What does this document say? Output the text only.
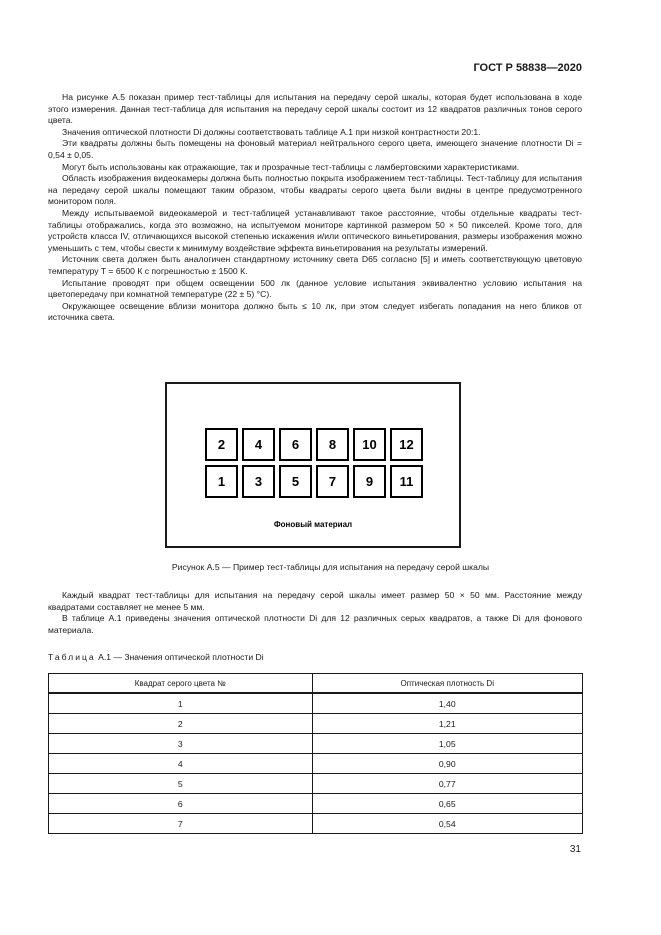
ГОСТ Р 58838—2020

На рисунке А.5 показан пример тест-таблицы для испытания на передачу серой шкалы, которая будет использована в ходе этого измерения. Данная тест-таблица для испытания на передачу серой шкалы состоит из 12 квадратов различных тонов серого цвета.

Значения оптической плотности Di должны соответствовать таблице А.1 при низкой контрастности 20:1.

Эти квадраты должны быть помещены на фоновый материал нейтрального серого цвета, имеющего значение плотности Di = 0,54 ± 0,05.

Могут быть использованы как отражающие, так и прозрачные тест-таблицы с ламбертовскими характеристиками.

Область изображения видеокамеры должна быть полностью покрыта изображением тест-таблицы. Тест-таблицу для испытания на передачу серой шкалы помещают таким образом, чтобы квадраты серого цвета были видны в центре предусмотренного монитором поля.

Между испытываемой видеокамерой и тест-таблицей устанавливают такое расстояние, чтобы отдельные квадраты тест-таблицы отображались, когда это возможно, на испытуемом мониторе картинкой размером 50 × 50 пикселей. Кроме того, для устройств класса IV, отличающихся высокой степенью искажения и/или оптического виньетирования, размеры изображения можно уменьшить с тем, чтобы свести к минимуму воздействие эффекта виньетирования на результаты измерений.

Источник света должен быть аналогичен стандартному источнику света D65 согласно [5] и иметь соответствующую цветовую температуру T = 6500 К с погрешностью ± 1500 К.

Испытание проводят при общем освещении 500 лк (данное условие испытания эквивалентно условию испытания на цветопередачу при комнатной температуре (22 ± 5) °С).

Окружающее освещение вблизи монитора должно быть ≤ 10 лк, при этом следует избегать попадания на него бликов от источника света.

2	4	6	8	10	12
1	3	5	7	9	11
Фоновый материал
Рисунок А.5 — Пример тест-таблицы для испытания на передачу серой шкалы

Каждый квадрат тест-таблицы для испытания на передачу серой шкалы имеет размер 50 × 50 мм. Расстояние между квадратами составляет не менее 5 мм.

В таблице А.1 приведены значения оптической плотности Di для 12 различных серых квадратов, а также Di для фонового материала.

Таблица А.1 — Значения оптической плотности Di
Квадрат серого цвета №	Оптическая плотность Di
1	1,40
2	1,21
3	1,05
4	0,90
5	0,77
6	0,65
7	0,54
31
